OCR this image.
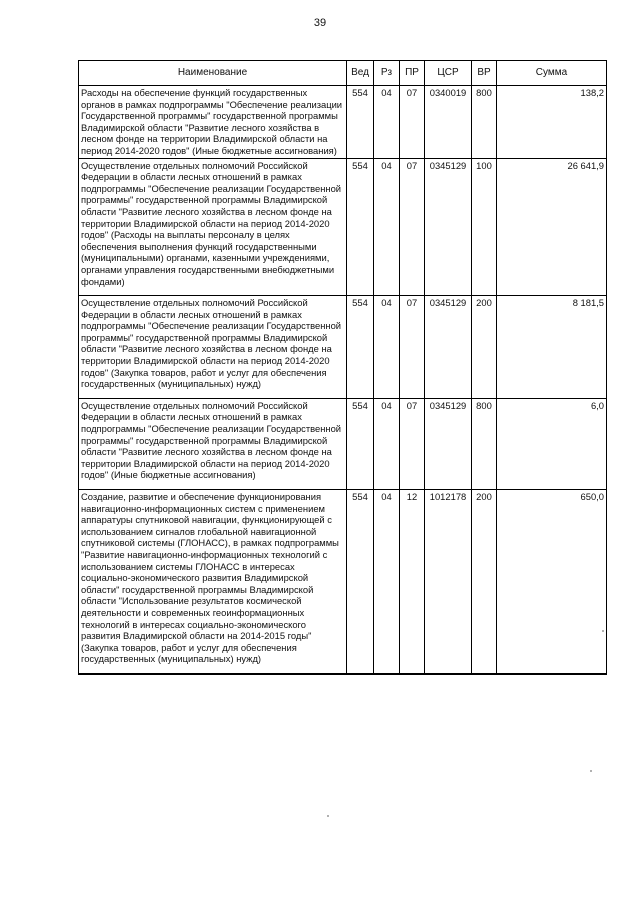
39
Наименование	Вед	Рз	ПР	ЦСР	ВР	Сумма
Расходы на обеспечение функций государственных органов в рамках подпрограммы "Обеспечение реализации Государственной программы" государственной программы Владимирской области "Развитие лесного хозяйства в лесном фонде на территории Владимирской области на период 2014-2020 годов" (Иные бюджетные ассигнования)	554	04	07	0340019	800	138,2
Осуществление отдельных полномочий Российской Федерации в области лесных отношений в рамках подпрограммы "Обеспечение реализации Государственной программы" государственной программы Владимирской области "Развитие лесного хозяйства в лесном фонде на территории Владимирской области на период 2014-2020 годов" (Расходы на выплаты персоналу в целях обеспечения выполнения функций государственными (муниципальными) органами, казенными учреждениями, органами управления государственными внебюджетными фондами)	554	04	07	0345129	100	26 641,9
Осуществление отдельных полномочий Российской Федерации в области лесных отношений в рамках подпрограммы "Обеспечение реализации Государственной программы" государственной программы Владимирской области "Развитие лесного хозяйства в лесном фонде на территории Владимирской области на период 2014-2020 годов" (Закупка товаров, работ и услуг для обеспечения государственных (муниципальных) нужд)	554	04	07	0345129	200	8 181,5
Осуществление отдельных полномочий Российской Федерации в области лесных отношений в рамках подпрограммы "Обеспечение реализации Государственной программы" государственной программы Владимирской области "Развитие лесного хозяйства в лесном фонде на территории Владимирской области на период 2014-2020 годов" (Иные бюджетные ассигнования)	554	04	07	0345129	800	6,0
Создание, развитие и обеспечение функционирования навигационно-информационных систем с применением аппаратуры спутниковой навигации, функционирующей с использованием сигналов глобальной навигационной спутниковой системы (ГЛОНАСС), в рамках подпрограммы "Развитие навигационно-информационных технологий с использованием системы ГЛОНАСС в интересах социально-экономического развития Владимирской области" государственной программы Владимирской области "Использование результатов космической деятельности и современных геоинформационных технологий в интересах социально-экономического развития Владимирской области на 2014-2015 годы" (Закупка товаров, работ и услуг для обеспечения государственных (муниципальных) нужд)	554	04	12	1012178	200	650,0
